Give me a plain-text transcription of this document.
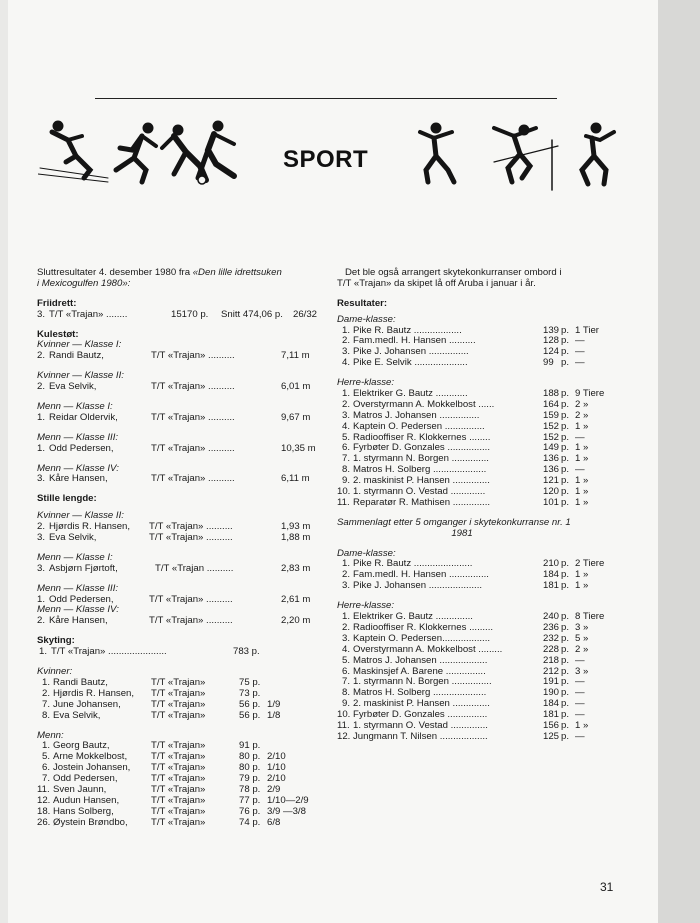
SPORT
Sluttresultater 4. desember 1980 fra «Den lille idrettsuken
i Mexicogulfen 1980»:
Friidrett:
3. T/T «Trajan» ........	15170 p. Snitt 474,06 p. 26/32
Kulestøt:
Kvinner — Klasse I:
2. Randi Bautz,	T/T «Trajan» ..........	7,11 m
Kvinner — Klasse II:
2. Eva Selvik,	T/T «Trajan» ..........	6,01 m
Menn — Klasse I:
1. Reidar Oldervik,	T/T «Trajan» ..........	9,67 m
Menn — Klasse III:
1. Odd Pedersen,	T/T «Trajan» ..........	10,35 m
Menn — Klasse IV:
3. Kåre Hansen,	T/T «Trajan» ..........	6,11 m
Stille lengde:
Kvinner — Klasse II:
2. Hjørdis R. Hansen, T/T «Trajan» ..........	1,93 m
3. Eva Selvik,	T/T «Trajan» ..........	1,88 m
Menn — Klasse I:
3. Asbjørn Fjørtoft,	T/T «Trajan ..........	2,83 m
Menn — Klasse III:
1. Odd Pedersen,	T/T «Trajan» ..........	2,61 m
Menn — Klasse IV:
2. Kåre Hansen,	T/T «Trajan» ..........	2,20 m
Skyting:
1. T/T «Trajan» ......................	783 p.
Kvinner:
1. Randi Bautz,	T/T «Trajan»	75 p.
2. Hjørdis R. Hansen, T/T «Trajan»	73 p.
7. June Johansen,	T/T «Trajan»	56 p. 1/9
8. Eva Selvik,	T/T «Trajan»	56 p. 1/8
Menn:
1. Georg Bautz,	T/T «Trajan»	91 p.
5. Arne Mokkelbost, T/T «Trajan»	80 p. 2/10
6. Jostein Johansen, T/T «Trajan»	80 p. 1/10
7. Odd Pedersen,	T/T «Trajan»	79 p. 2/10
11. Sven Jaunn,	T/T «Trajan»	78 p. 2/9
12. Audun Hansen,	T/T «Trajan»	77 p. 1/10—2/9
18. Hans Solberg,	T/T «Trajan»	76 p. 3/9 —3/8
26. Øystein Brøndbo, T/T «Trajan»	74 p. 6/8
Det ble også arrangert skytekonkurranser ombord i
T/T «Trajan» da skipet lå off Aruba i januar i år.
Resultater:
Dame-klasse:
1. Pike R. Bautz ..................	139 p. 1 Tier
2. Fam.medl. H. Hansen ..........	128 p. —
3. Pike J. Johansen ...............	124 p. —
4. Pike E. Selvik ....................	99 p. —
Herre-klasse:
1. Elektriker G. Bautz ............	188 p. 9 Tiere
2. Overstyrmann A. Mokkelbost ......	164 p. 2 »
3. Matros J. Johansen ...............	159 p. 2 »
4. Kaptein O. Pedersen ...............	152 p. 1 »
5. Radiooffiser R. Klokkernes ........	152 p. —
6. Fyrbøter D. Gonzales ................	149 p. 1 »
7. 1. styrmann N. Borgen ..............	136 p. 1 »
8. Matros H. Solberg ....................	136 p. —
9. 2. maskinist P. Hansen ..............	121 p. 1 »
10. 1. styrmann O. Vestad .............	120 p. 1 »
11. Reparatør R. Mathisen ..............	101 p. 1 »
Sammenlagt etter 5 omganger i skytekonkurranse nr. 1
1981
Dame-klasse:
1. Pike R. Bautz ......................	210 p. 2 Tiere
2. Fam.medl. H. Hansen ...............	184 p. 1 »
3. Pike J. Johansen ....................	181 p. 1 »
Herre-klasse:
1. Elektriker G. Bautz ..............	240 p. 8 Tiere
2. Radiooffiser R. Klokkernes .........	236 p. 3 »
3. Kaptein O. Pedersen..................	232 p. 5 »
4. Overstyrmann A. Mokkelbost .........	228 p. 2 »
5. Matros J. Johansen ..................	218 p. —
6. Maskinsjef A. Barene ...............	212 p. 3 »
7. 1. styrmann N. Borgen ...............	191 p. —
8. Matros H. Solberg ....................	190 p. —
9. 2. maskinist P. Hansen ..............	184 p. —
10. Fyrbøter D. Gonzales ...............	181 p. —
11. 1. styrmann O. Vestad ..............	156 p. 1 »
12. Jungmann T. Nilsen ..................	125 p. —
31
